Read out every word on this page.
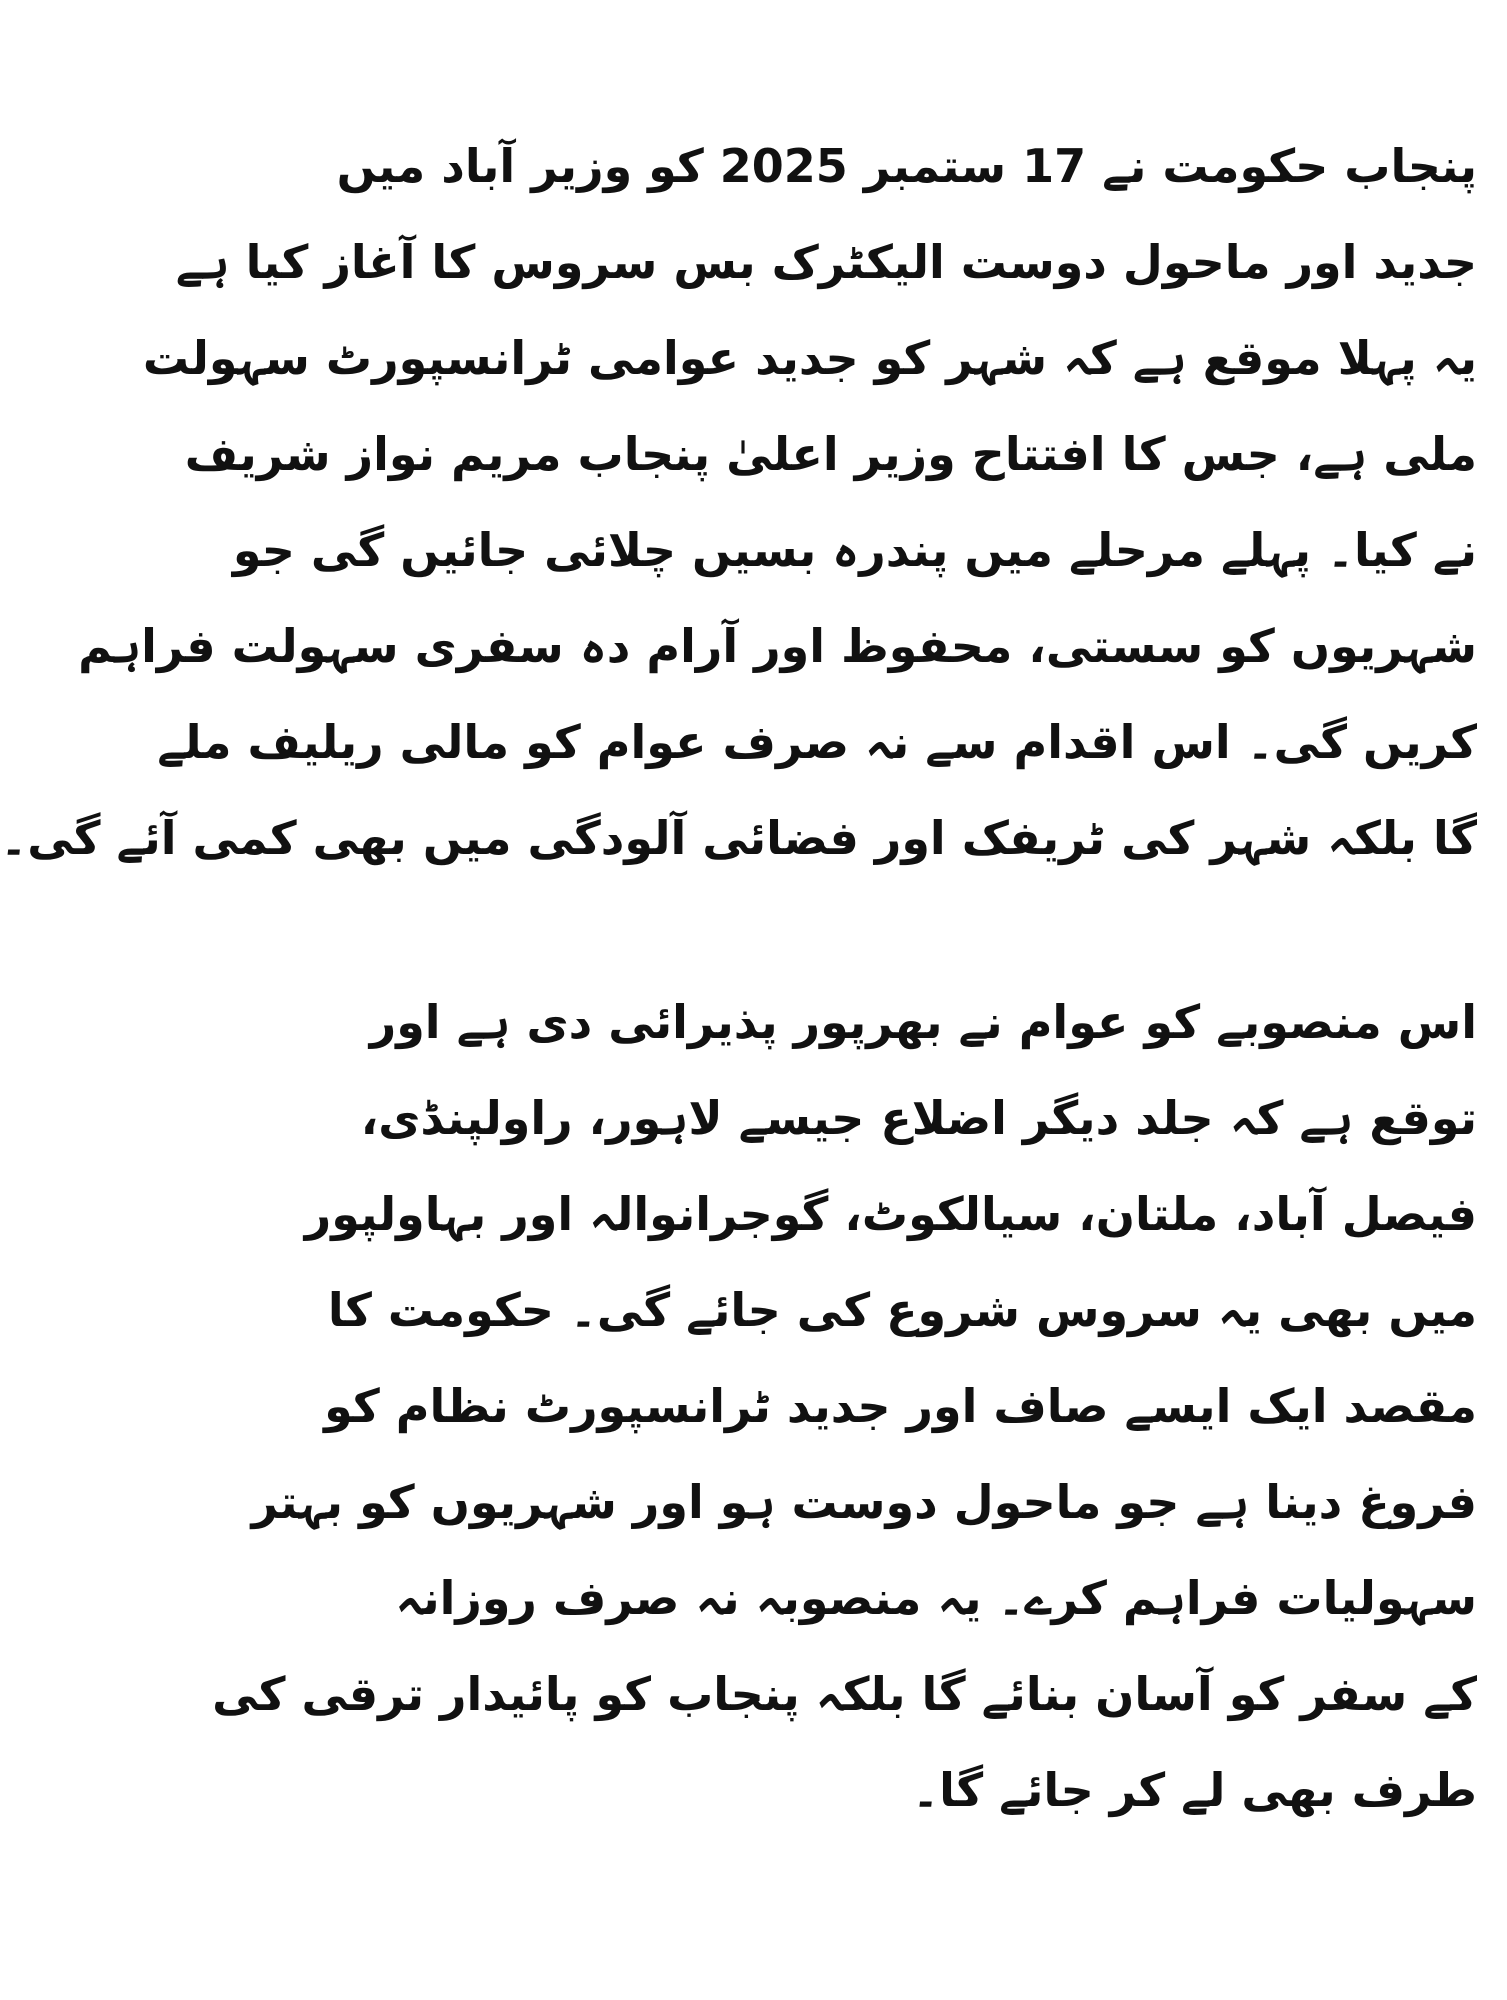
پنجاب حکومت نے 17 ستمبر 2025 کو وزیر آباد میں
جدید اور ماحول دوست الیکٹرک بس سروس کا آغاز کیا ہے
یہ پہلا موقع ہے کہ شہر کو جدید عوامی ٹرانسپورٹ سہولت
ملی ہے، جس کا افتتاح وزیر اعلیٰ پنجاب مریم نواز شریف
نے کیا۔ پہلے مرحلے میں پندرہ بسیں چلائی جائیں گی جو
شہریوں کو سستی، محفوظ اور آرام دہ سفری سہولت فراہم
کریں گی۔ اس اقدام سے نہ صرف عوام کو مالی ریلیف ملے
گا بلکہ شہر کی ٹریفک اور فضائی آلودگی میں بھی کمی آئے گی۔
اس منصوبے کو عوام نے بھرپور پذیرائی دی ہے اور
توقع ہے کہ جلد دیگر اضلاع جیسے لاہور، راولپنڈی،
فیصل آباد، ملتان، سیالکوٹ، گوجرانوالہ اور بہاولپور
میں بھی یہ سروس شروع کی جائے گی۔ حکومت کا
مقصد ایک ایسے صاف اور جدید ٹرانسپورٹ نظام کو
فروغ دینا ہے جو ماحول دوست ہو اور شہریوں کو بہتر
سہولیات فراہم کرے۔ یہ منصوبہ نہ صرف روزانہ
کے سفر کو آسان بنائے گا بلکہ پنجاب کو پائیدار ترقی کی
طرف بھی لے کر جائے گا۔
